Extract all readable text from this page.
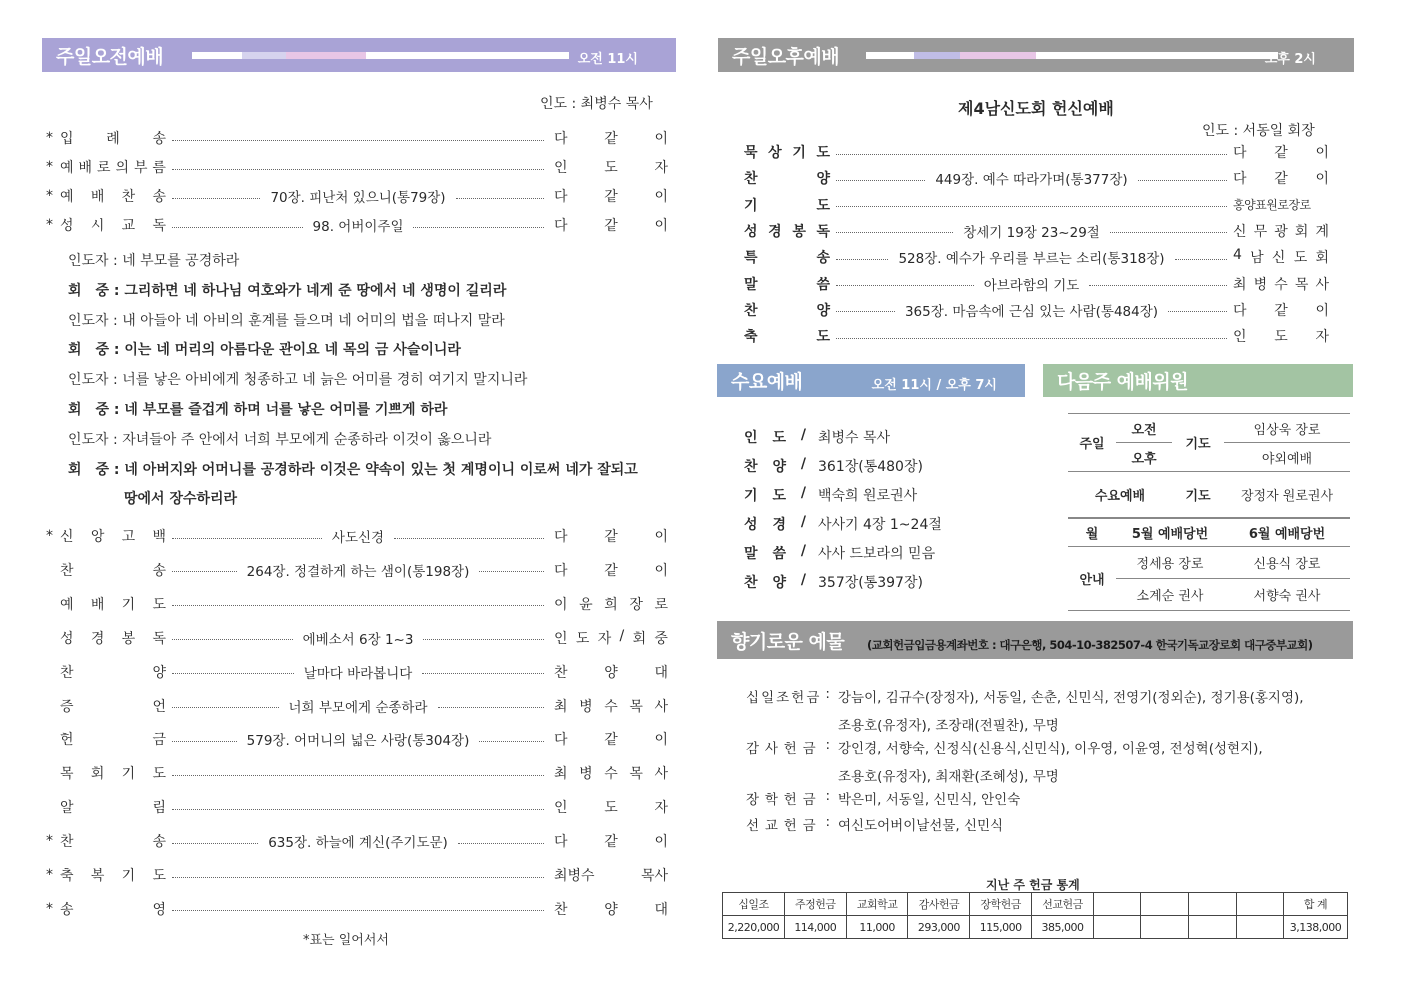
주일오전예배	오전 11시
인도 : 최병수 목사
* 입 례 송	다	같	이
* 예 배 로 의 부 름	인	도	자
* 예 배 찬 송	70장. 피난처 있으니(통79장)	다	같	이
* 성 시 교 독	98. 어버이주일	다	같	이
인도자 : 네 부모를 공경하라
회　중 : 그리하면 네 하나님 여호와가 네게 준 땅에서 네 생명이 길리라
인도자 : 내 아들아 네 아비의 훈계를 들으며 네 어미의 법을 떠나지 말라
회　중 : 이는 네 머리의 아름다운 관이요 네 목의 금 사슬이니라
인도자 : 너를 낳은 아비에게 청종하고 네 늙은 어미를 경히 여기지 말지니라
회　중 : 네 부모를 즐겁게 하며 너를 낳은 어미를 기쁘게 하라
인도자 : 자녀들아 주 안에서 너희 부모에게 순종하라 이것이 옳으니라
회　중 : 네 아버지와 어머니를 공경하라 이것은 약속이 있는 첫 계명이니 이로써 네가 잘되고
땅에서 장수하리라
* 신 앙 고 백	사도신경	다	같	이
찬	송	264장. 정결하게 하는 샘이(통198장)	다	같	이
예 배 기 도	이 윤 희 장 로
성 경 봉 독	에베소서 6장 1~3	인 도 자 / 회 중
찬	양	날마다 바라봅니다	찬	양	대
증	언	너희 부모에게 순종하라	최 병 수 목 사
헌	금	579장. 어머니의 넓은 사랑(통304장)	다	같	이
목 회 기 도	최 병 수 목 사
알	림	인	도	자
* 찬	송	635장. 하늘에 계신(주기도문)	다	같	이
* 축 복 기 도	최병수	목사
* 송	영	찬	양	대
*표는 일어서서
주일오후예배	오후 2시
제4남신도회 헌신예배
인도 : 서동일 회장
묵 상 기 도	다 같 이
찬	양	449장. 예수 따라가며(통377장)	다 같 이
기	도	홍양표원로장로
성 경 봉 독	창세기 19장 23~29절	신 무 광 회 계
특	송	528장. 예수가 우리를 부르는 소리(통318장)	4 남 신 도 회
말	씀	아브라함의 기도	최 병 수 목 사
찬	양	365장. 마음속에 근심 있는 사람(통484장)	다 같 이
축	도	인 도 자
수요예배	오전 11시 / 오후 7시
인 도 / 최병수 목사
찬 양 / 361장(통480장)
기 도 / 백숙희 원로권사
성 경 / 사사기 4장 1~24절
말 씀 / 사사 드보라의 믿음
찬 양 / 357장(통397장)
다음주 예배위원
주일	오전	기도	임상욱 장로
	오후		야외예배
수요예배		기도	장정자 원로권사
월	5월 예배당번		6월 예배당번
안내	정세용 장로		신용식 장로
	소계순 권사		서향숙 권사
향기로운 예물 (교회헌금입금용계좌번호 : 대구은행, 504-10-382507-4 한국기독교장로회 대구중부교회)
십 일 조 헌 금 : 강늠이, 김규수(장정자), 서동일, 손춘, 신민식, 전영기(정외순), 정기용(홍지영),
조용호(유정자), 조장래(전필찬), 무명
감 사 헌 금 : 강인경, 서향숙, 신정식(신용식,신민식), 이우영, 이윤영, 전성혁(성현지),
조용호(유정자), 최재환(조혜성), 무명
장 학 헌 금 : 박은미, 서동일, 신민식, 안인숙
선 교 헌 금 : 여신도어버이날선물, 신민식
지난 주 헌금 통계
십일조	주정헌금	교회학교	감사헌금	장학헌금	선교헌금					합 계
2,220,000	114,000	11,000	293,000	115,000	385,000					3,138,000
